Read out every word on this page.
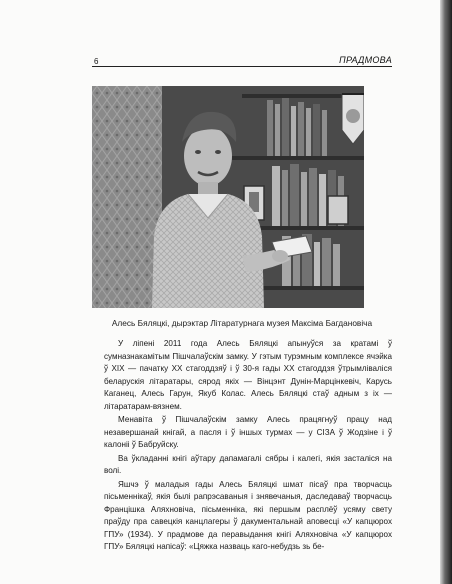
6	ПРАДМОВА
Алесь Бяляцкі, дырэктар Літаратурнага музея Максіма Багдановіча

У ліпені 2011 года Алесь Бяляцкі апынуўся за кратамі ў сумназнакамітым Пішчалаўскім замку. У гэтым турэмным комплексе ячэйка ў XIX — пачатку XX стагоддзяў і ў 30-я гады XX стагоддзя ўтрымліваліся беларускія літаратары, сярод якіх — Вінцэнт Дунін-Марцінкевіч, Карусь Каганец, Алесь Гарун, Якуб Колас. Алесь Бяляцкі стаў адным з іх — літаратарам-вязнем.

Менавіта ў Пішчалаўскім замку Алесь працягнуў працу над незавершанай кнігай, а пасля і ў іншых турмах — у СІЗА ў Жодзіне і ў калоніі ў Бабруйску.

Ва ўкладанні кнігі аўтару дапамагалі сябры і калегі, якія засталіся на волі.

Яшчэ ў маладыя гады Алесь Бяляцкі шмат пісаў пра творчасць пісьменнікаў, якія былі рапрэсаваныя і знявечаныя, даследаваў творчасць Францішка Аляхновіча, пісьменніка, які першым расплёў усяму свету праўду пра савецкія канцлагеры ў дакументальнай аповесці «У капцюрох ГПУ» (1934). У прадмове да перавыдання кнігі Аляхновіча «У капцюрох ГПУ» Бяляцкі напісаў: «Цяжка назваць каго-небудзь зь бе-
